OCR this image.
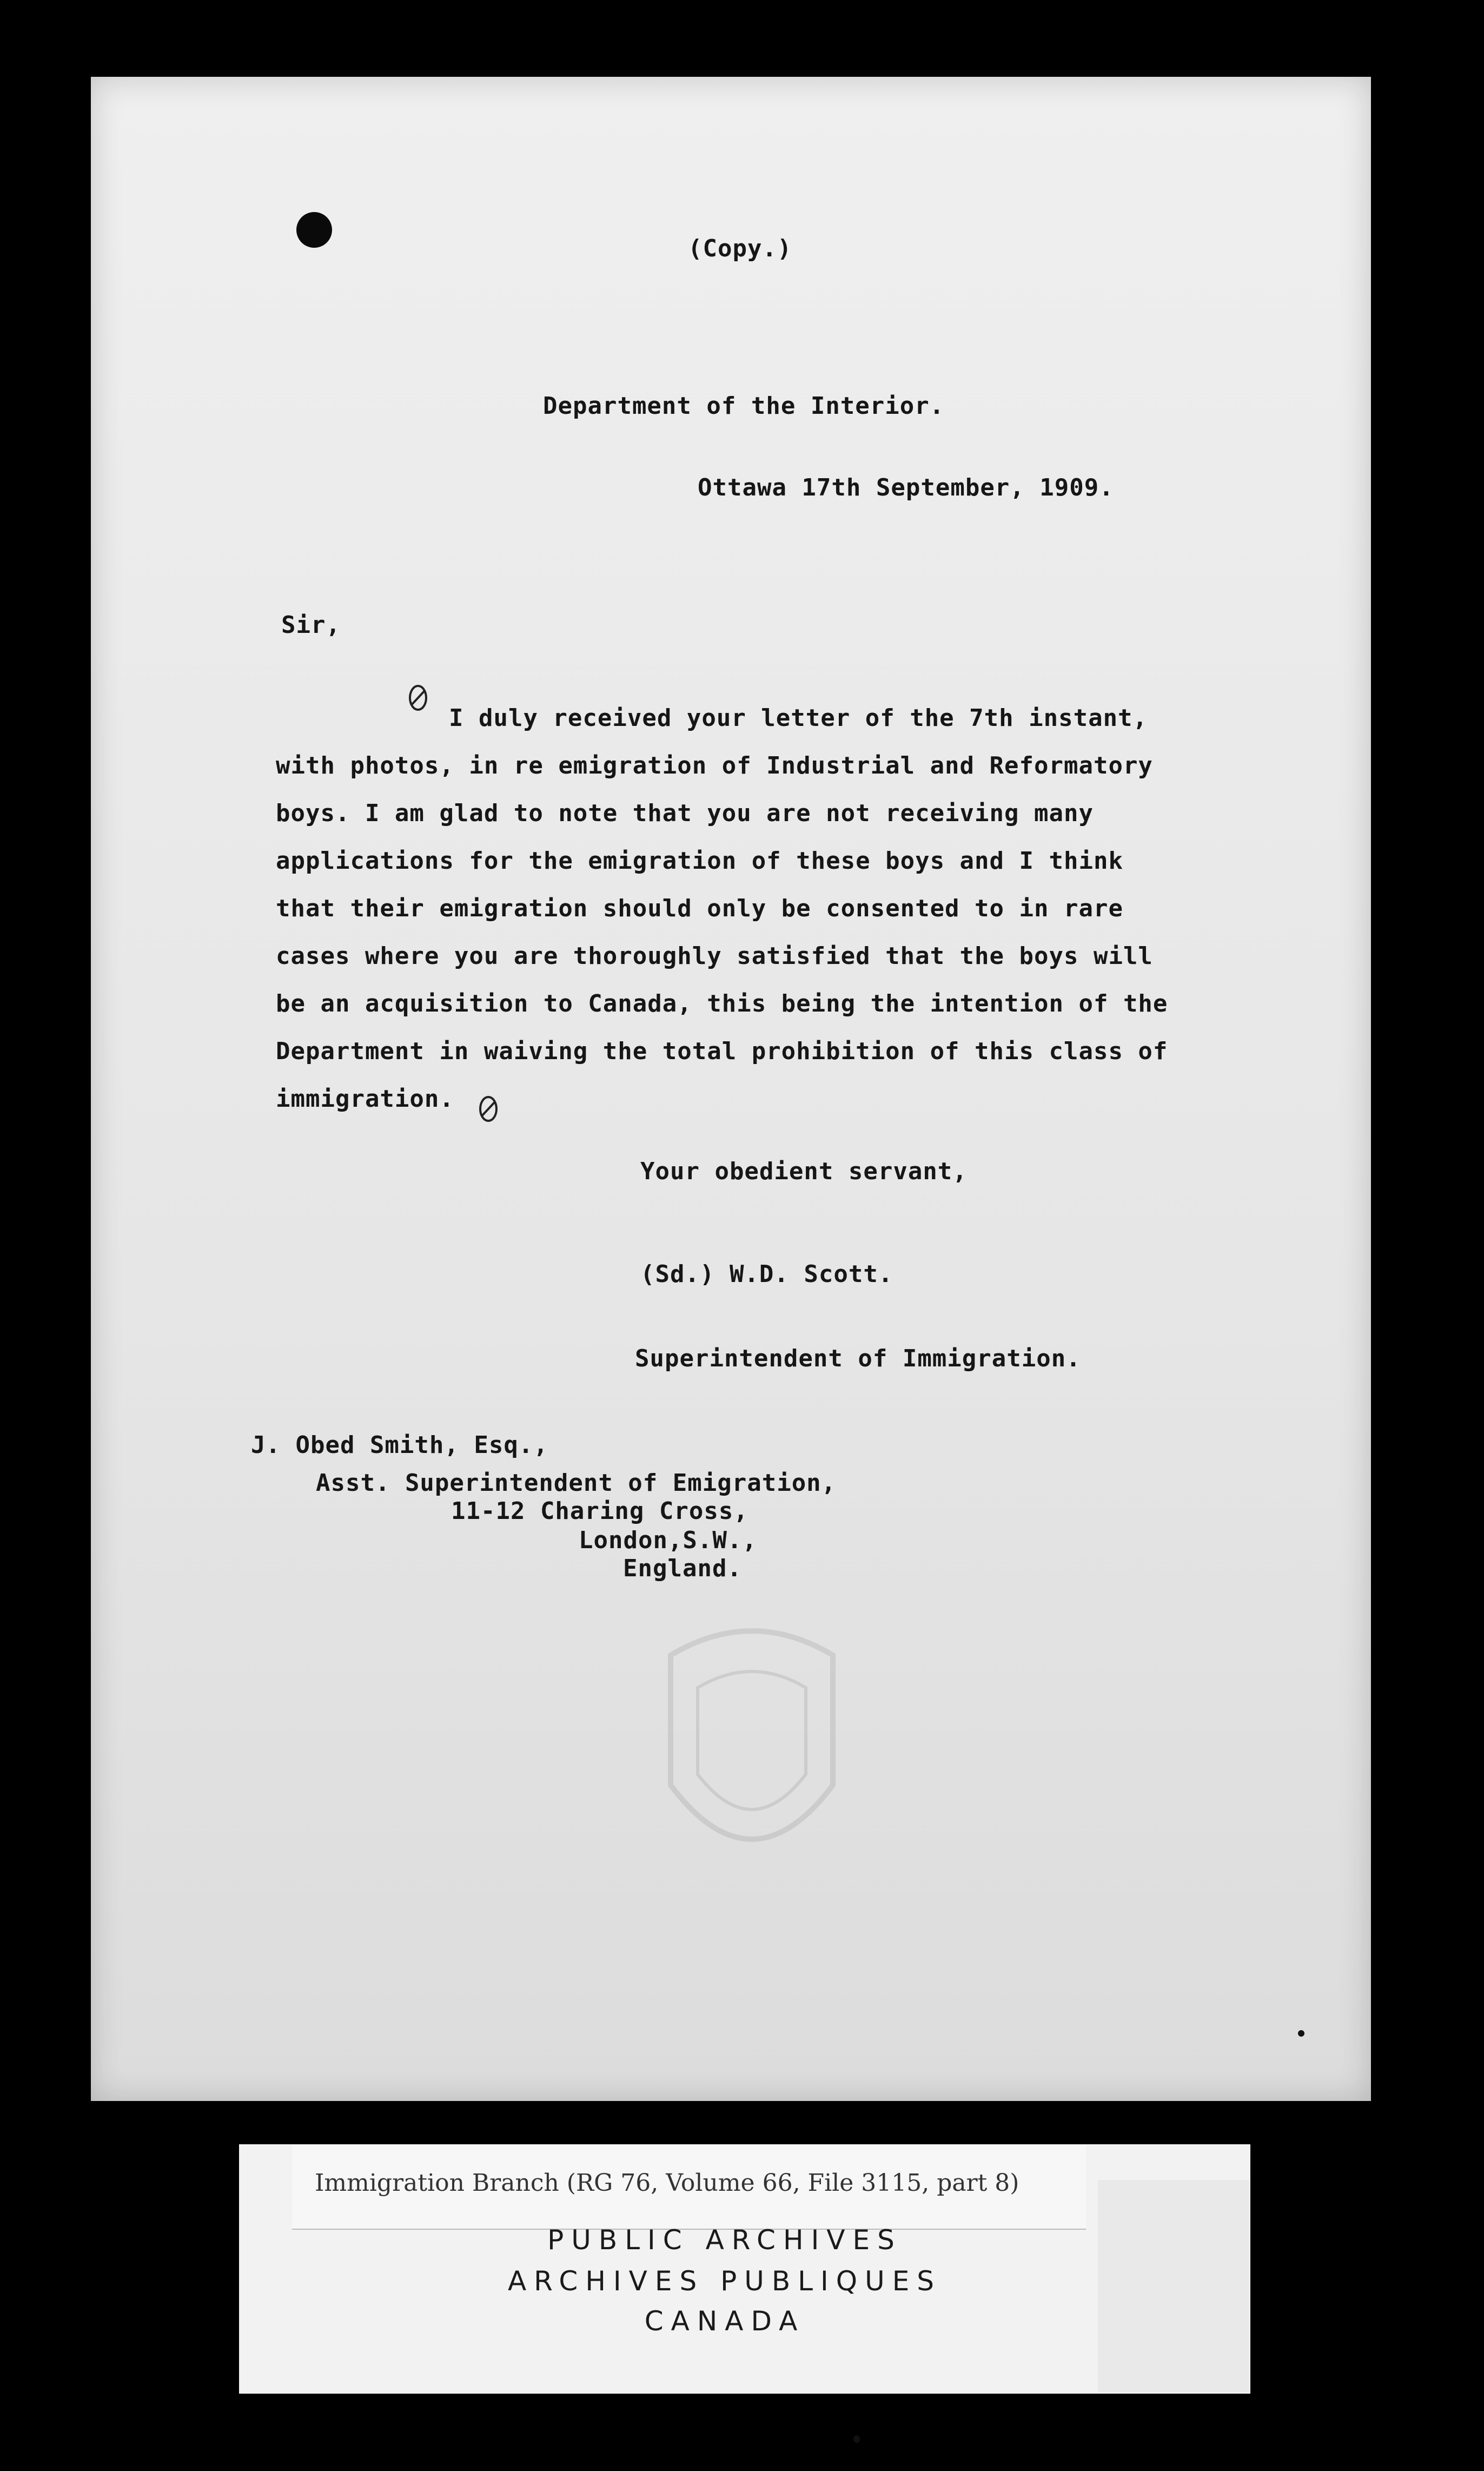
(Copy.)

Department of the Interior.

Ottawa 17th September, 1909.

Sir,

I duly received your letter of the 7th instant,
with photos, in re emigration of Industrial and Reformatory
boys. I am glad to note that you are not receiving many
applications for the emigration of these boys and I think
that their emigration should only be consented to in rare
cases where you are thoroughly satisfied that the boys will
be an acquisition to Canada, this being the intention of the
Department in waiving the total prohibition of this class of
immigration.

Your obedient servant,

(Sd.) W.D. Scott.

Superintendent of Immigration.

J. Obed Smith, Esq.,

Asst. Superintendent of Emigration,

11-12 Charing Cross,

London,S.W.,

England.

Immigration Branch (RG 76, Volume 66, File 3115, part 8)
PUBLIC ARCHIVES
ARCHIVES PUBLIQUES
CANADA
